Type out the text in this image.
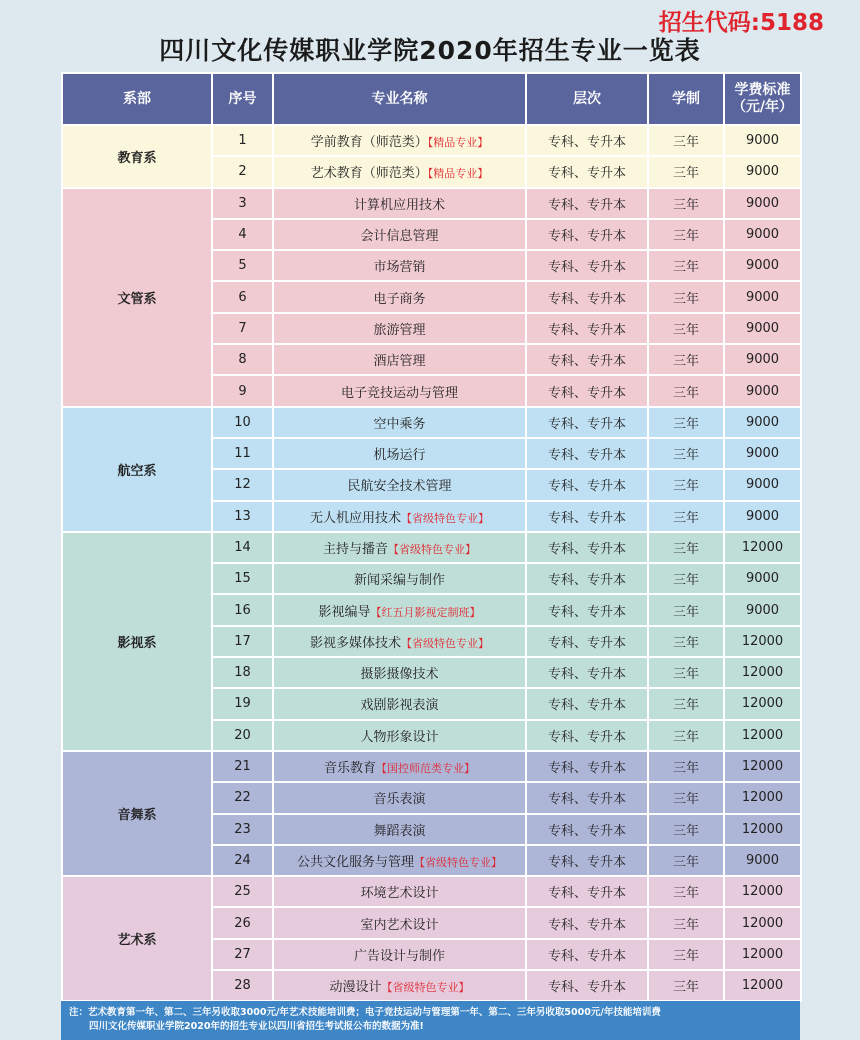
招生代码:5188
四川文化传媒职业学院2020年招生专业一览表
系部	序号	专业名称	层次	学制	学费标准
（元/年）
教育系	1	学前教育（师范类）【精品专业】	专科、专升本	三年	9000
	2	艺术教育（师范类）【精品专业】	专科、专升本	三年	9000
文管系	3	计算机应用技术	专科、专升本	三年	9000
	4	会计信息管理	专科、专升本	三年	9000
	5	市场营销	专科、专升本	三年	9000
	6	电子商务	专科、专升本	三年	9000
	7	旅游管理	专科、专升本	三年	9000
	8	酒店管理	专科、专升本	三年	9000
	9	电子竞技运动与管理	专科、专升本	三年	9000
航空系	10	空中乘务	专科、专升本	三年	9000
	11	机场运行	专科、专升本	三年	9000
	12	民航安全技术管理	专科、专升本	三年	9000
	13	无人机应用技术【省级特色专业】	专科、专升本	三年	9000
影视系	14	主持与播音【省级特色专业】	专科、专升本	三年	12000
	15	新闻采编与制作	专科、专升本	三年	9000
	16	影视编导【红五月影视定制班】	专科、专升本	三年	9000
	17	影视多媒体技术【省级特色专业】	专科、专升本	三年	12000
	18	摄影摄像技术	专科、专升本	三年	12000
	19	戏剧影视表演	专科、专升本	三年	12000
	20	人物形象设计	专科、专升本	三年	12000
音舞系	21	音乐教育【国控师范类专业】	专科、专升本	三年	12000
	22	音乐表演	专科、专升本	三年	12000
	23	舞蹈表演	专科、专升本	三年	12000
	24	公共文化服务与管理【省级特色专业】	专科、专升本	三年	9000
艺术系	25	环境艺术设计	专科、专升本	三年	12000
	26	室内艺术设计	专科、专升本	三年	12000
	27	广告设计与制作	专科、专升本	三年	12000
	28	动漫设计【省级特色专业】	专科、专升本	三年	12000
注：艺术教育第一年、第二、三年另收取3000元/年艺术技能培训费；电子竞技运动与管理第一年、第二、三年另收取5000元/年技能培训费
四川文化传媒职业学院2020年的招生专业以四川省招生考试报公布的数据为准!
